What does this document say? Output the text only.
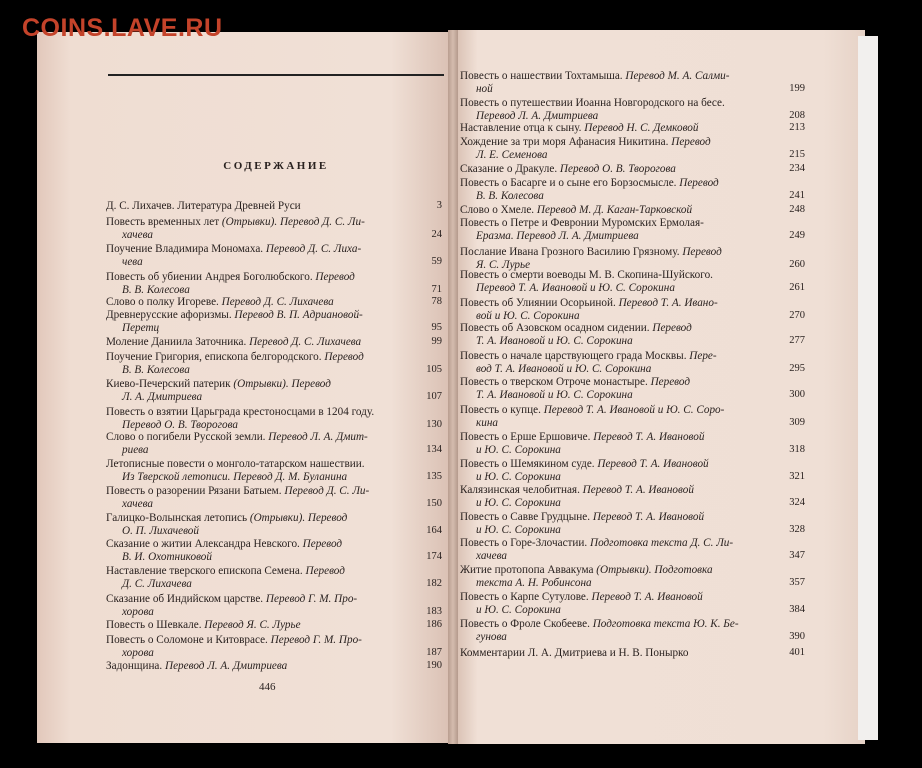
COINS.LAVE.RU
СОДЕРЖАНИЕ
Д. С. Лихачев. Литература Древней Руси	3
Повесть временных лет (Отрывки). Перевод Д. С. Ли-
хачева	24
Поучение Владимира Мономаха. Перевод Д. С. Лиха-
чева	59
Повесть об убиении Андрея Боголюбского. Перевод
В. В. Колесова	71
Слово о полку Игореве. Перевод Д. С. Лихачева	78
Древнерусские афоризмы. Перевод В. П. Адриановой-
Перетц	95
Моление Даниила Заточника. Перевод Д. С. Лихачева	99
Поучение Григория, епископа белгородского. Перевод
В. В. Колесова	105
Киево-Печерский патерик (Отрывки). Перевод
Л. А. Дмитриева	107
Повесть о взятии Царьграда крестоносцами в 1204 году.
Перевод О. В. Творогова	130
Слово о погибели Русской земли. Перевод Л. А. Дмит-
риева	134
Летописные повести о монголо-татарском нашествии.
Из Тверской летописи. Перевод Д. М. Буланина	135
Повесть о разорении Рязани Батыем. Перевод Д. С. Ли-
хачева	150
Галицко-Волынская летопись (Отрывки). Перевод
О. П. Лихачевой	164
Сказание о житии Александра Невского. Перевод
В. И. Охотниковой	174
Наставление тверского епископа Семена. Перевод
Д. С. Лихачева	182
Сказание об Индийском царстве. Перевод Г. М. Про-
хорова	183
Повесть о Шевкале. Перевод Я. С. Лурье	186
Повесть о Соломоне и Китоврасе. Перевод Г. М. Про-
хорова	187
Задонщина. Перевод Л. А. Дмитриева	190
Повесть о нашествии Тохтамыша. Перевод М. А. Салми-
ной	199
Повесть о путешествии Иоанна Новгородского на бесе.
Перевод Л. А. Дмитриева	208
Наставление отца к сыну. Перевод Н. С. Демковой	213
Хождение за три моря Афанасия Никитина. Перевод
Л. Е. Семенова	215
Сказание о Дракуле. Перевод О. В. Творогова	234
Повесть о Басарге и о сыне его Борзосмысле. Перевод
В. В. Колесова	241
Слово о Хмеле. Перевод М. Д. Каган-Тарковской	248
Повесть о Петре и Февронии Муромских Ермолая-
Еразма. Перевод Л. А. Дмитриева	249
Послание Ивана Грозного Василию Грязному. Перевод
Я. С. Лурье	260
Повесть о смерти воеводы М. В. Скопина-Шуйского.
Перевод Т. А. Ивановой и Ю. С. Сорокина	261
Повесть об Улиянии Осорьиной. Перевод Т. А. Ивано-
вой и Ю. С. Сорокина	270
Повесть об Азовском осадном сидении. Перевод
Т. А. Ивановой и Ю. С. Сорокина	277
Повесть о начале царствующего града Москвы. Пере-
вод Т. А. Ивановой и Ю. С. Сорокина	295
Повесть о тверском Отроче монастыре. Перевод
Т. А. Ивановой и Ю. С. Сорокина	300
Повесть о купце. Перевод Т. А. Ивановой и Ю. С. Соро-
кина	309
Повесть о Ерше Ершовиче. Перевод Т. А. Ивановой
и Ю. С. Сорокина	318
Повесть о Шемякином суде. Перевод Т. А. Ивановой
и Ю. С. Сорокина	321
Калязинская челобитная. Перевод Т. А. Ивановой
и Ю. С. Сорокина	324
Повесть о Савве Грудцыне. Перевод Т. А. Ивановой
и Ю. С. Сорокина	328
Повесть о Горе-Злочастии. Подготовка текста Д. С. Ли-
хачева	347
Житие протопопа Аввакума (Отрывки). Подготовка
текста А. Н. Робинсона	357
Повесть о Карпе Сутулове. Перевод Т. А. Ивановой
и Ю. С. Сорокина	384
Повесть о Фроле Скобееве. Подготовка текста Ю. К. Бе-
гунова	390
Комментарии Л. А. Дмитриева и Н. В. Понырко	401
446
